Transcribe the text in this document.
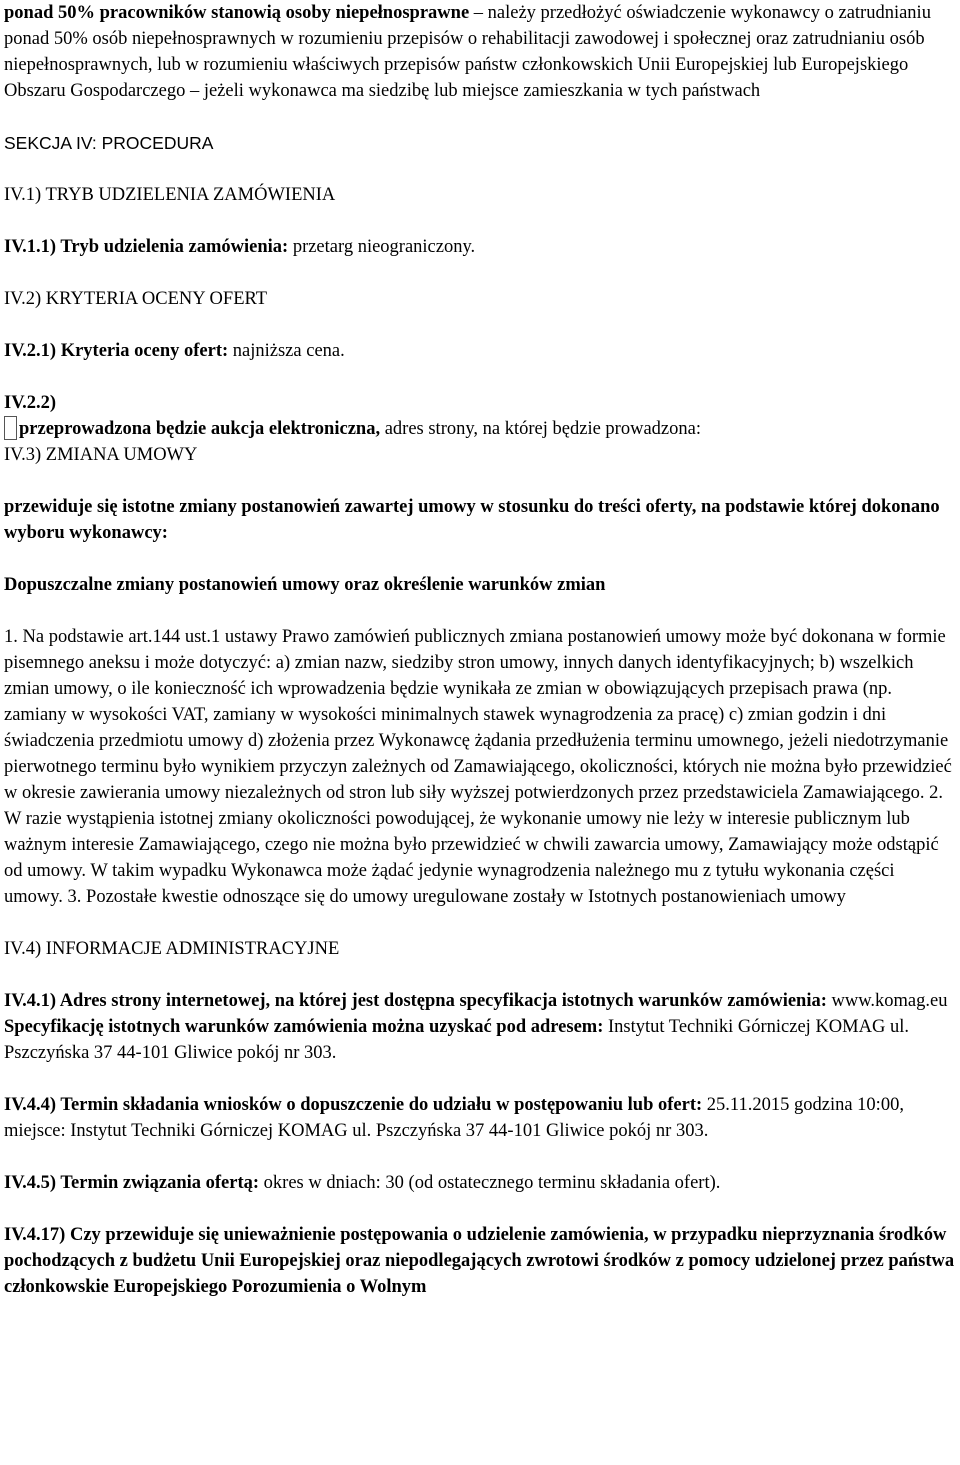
ponad 50% pracowników stanowią osoby niepełnosprawne – należy przedłożyć oświadczenie wykonawcy o zatrudnianiu ponad 50% osób niepełnosprawnych w rozumieniu przepisów o rehabilitacji zawodowej i społecznej oraz zatrudnianiu osób niepełnosprawnych, lub w rozumieniu właściwych przepisów państw członkowskich Unii Europejskiej lub Europejskiego Obszaru Gospodarczego – jeżeli wykonawca ma siedzibę lub miejsce zamieszkania w tych państwach

SEKCJA IV: PROCEDURA

IV.1) TRYB UDZIELENIA ZAMÓWIENIA

IV.1.1) Tryb udzielenia zamówienia: przetarg nieograniczony.

IV.2) KRYTERIA OCENY OFERT

IV.2.1) Kryteria oceny ofert: najniższa cena.

IV.2.2)

przeprowadzona będzie aukcja elektroniczna, adres strony, na której będzie prowadzona:

IV.3) ZMIANA UMOWY

przewiduje się istotne zmiany postanowień zawartej umowy w stosunku do treści oferty, na podstawie której dokonano wyboru wykonawcy:

Dopuszczalne zmiany postanowień umowy oraz określenie warunków zmian

1. Na podstawie art.144 ust.1 ustawy Prawo zamówień publicznych zmiana postanowień umowy może być dokonana w formie pisemnego aneksu i może dotyczyć: a) zmian nazw, siedziby stron umowy, innych danych identyfikacyjnych; b) wszelkich zmian umowy, o ile konieczność ich wprowadzenia będzie wynikała ze zmian w obowiązujących przepisach prawa (np. zamiany w wysokości VAT, zamiany w wysokości minimalnych stawek wynagrodzenia za pracę) c) zmian godzin i dni świadczenia przedmiotu umowy d) złożenia przez Wykonawcę żądania przedłużenia terminu umownego, jeżeli niedotrzymanie pierwotnego terminu było wynikiem przyczyn zależnych od Zamawiającego, okoliczności, których nie można było przewidzieć w okresie zawierania umowy niezależnych od stron lub siły wyższej potwierdzonych przez przedstawiciela Zamawiającego. 2. W razie wystąpienia istotnej zmiany okoliczności powodującej, że wykonanie umowy nie leży w interesie publicznym lub ważnym interesie Zamawiającego, czego nie można było przewidzieć w chwili zawarcia umowy, Zamawiający może odstąpić od umowy. W takim wypadku Wykonawca może żądać jedynie wynagrodzenia należnego mu z tytułu wykonania części umowy. 3. Pozostałe kwestie odnoszące się do umowy uregulowane zostały w Istotnych postanowieniach umowy

IV.4) INFORMACJE ADMINISTRACYJNE

IV.4.1) Adres strony internetowej, na której jest dostępna specyfikacja istotnych warunków zamówienia: www.komag.eu

Specyfikację istotnych warunków zamówienia można uzyskać pod adresem: Instytut Techniki Górniczej KOMAG ul. Pszczyńska 37 44-101 Gliwice pokój nr 303.

IV.4.4) Termin składania wniosków o dopuszczenie do udziału w postępowaniu lub ofert: 25.11.2015 godzina 10:00, miejsce: Instytut Techniki Górniczej KOMAG ul. Pszczyńska 37 44-101 Gliwice pokój nr 303.

IV.4.5) Termin związania ofertą: okres w dniach: 30 (od ostatecznego terminu składania ofert).

IV.4.17) Czy przewiduje się unieważnienie postępowania o udzielenie zamówienia, w przypadku nieprzyznania środków pochodzących z budżetu Unii Europejskiej oraz niepodlegających zwrotowi środków z pomocy udzielonej przez państwa członkowskie Europejskiego Porozumienia o Wolnym
